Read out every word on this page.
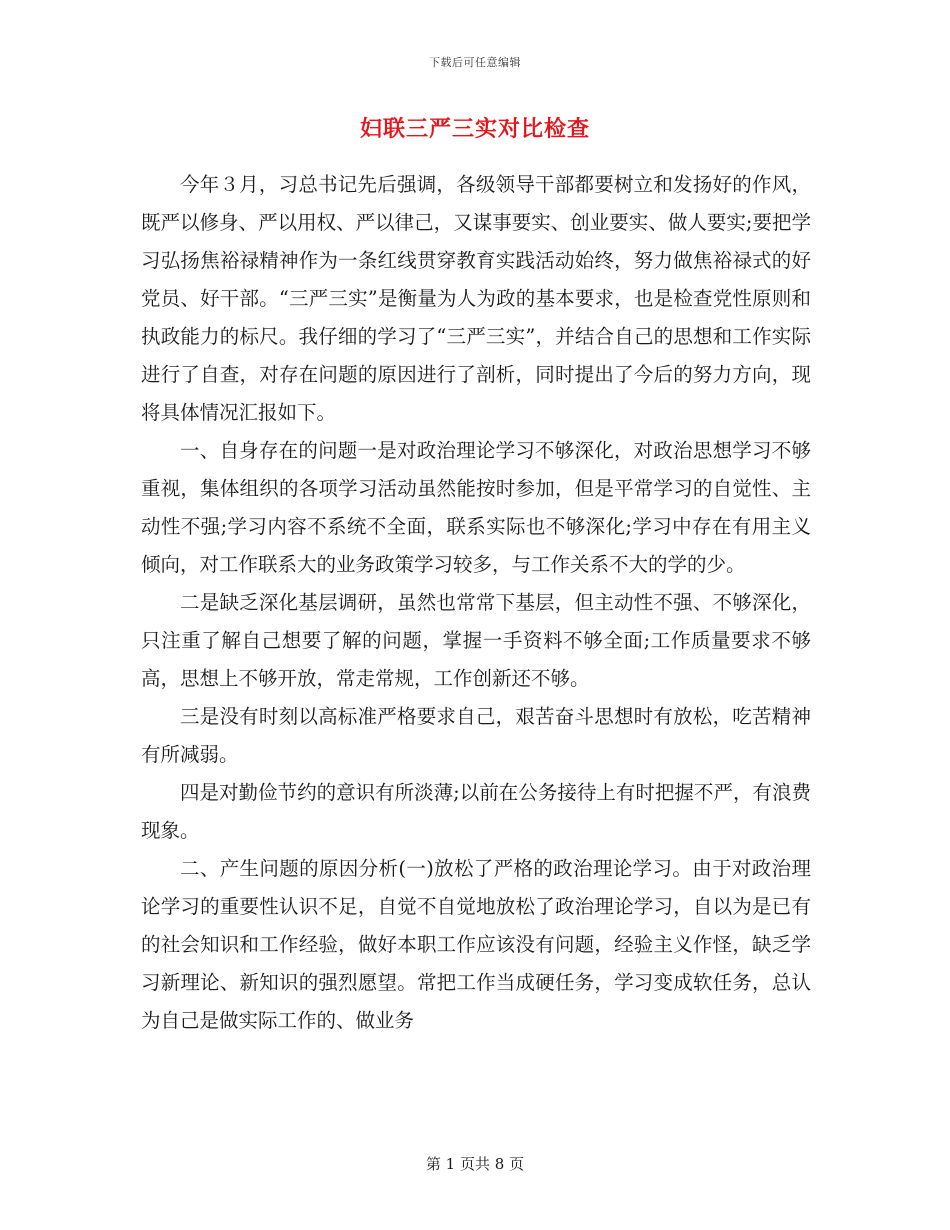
下载后可任意编辑
妇联三严三实对比检查

今年３月，习总书记先后强调，各级领导干部都要树立和发扬好的作风，既严以修身、严以用权、严以律己，又谋事要实、创业要实、做人要实;要把学习弘扬焦裕禄精神作为一条红线贯穿教育实践活动始终，努力做焦裕禄式的好党员、好干部。“三严三实”是衡量为人为政的基本要求，也是检查党性原则和执政能力的标尺。我仔细的学习了“三严三实”，并结合自己的思想和工作实际进行了自查，对存在问题的原因进行了剖析，同时提出了今后的努力方向，现将具体情况汇报如下。

一、自身存在的问题一是对政治理论学习不够深化，对政治思想学习不够重视，集体组织的各项学习活动虽然能按时参加，但是平常学习的自觉性、主动性不强;学习内容不系统不全面，联系实际也不够深化;学习中存在有用主义倾向，对工作联系大的业务政策学习较多，与工作关系不大的学的少。

二是缺乏深化基层调研，虽然也常常下基层，但主动性不强、不够深化，只注重了解自己想要了解的问题，掌握一手资料不够全面;工作质量要求不够高，思想上不够开放，常走常规，工作创新还不够。

三是没有时刻以高标准严格要求自己，艰苦奋斗思想时有放松，吃苦精神有所减弱。

四是对勤俭节约的意识有所淡薄;以前在公务接待上有时把握不严，有浪费现象。

二、产生问题的原因分析(一)放松了严格的政治理论学习。由于对政治理论学习的重要性认识不足，自觉不自觉地放松了政治理论学习，自以为是已有的社会知识和工作经验，做好本职工作应该没有问题，经验主义作怪，缺乏学习新理论、新知识的强烈愿望。常把工作当成硬任务，学习变成软任务，总认为自己是做实际工作的、做业务

第 1 页共 8 页
